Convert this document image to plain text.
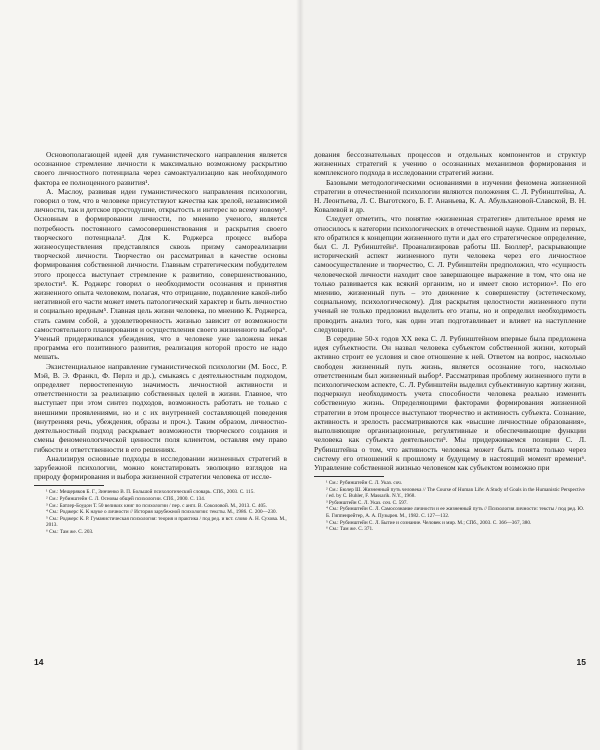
Основополагающей идеей для гуманистического направления является осознанное стремление личности к максимально возможному раскрытию своего личностного потенциала через самоактуализацию как необходимого фактора ее полноценного развития¹.

А. Маслоу, развивая идеи гуманистического направления психологии, говорил о том, что в человеке присутствуют качества как зрелой, независимой личности, так и детское простодушие, открытость и интерес ко всему новому². Основным в формировании личности, по мнению ученого, является потребность постоянного самосовершенствования и раскрытия своего творческого потенциала³. Для К. Роджерса процесс выбора жизнеосуществления представлялся сквозь призму самореализации творческой личности. Творчество он рассматривал в качестве основы формирования собственной личности. Главным стратегическим побудителем этого процесса выступает стремление к развитию, совершенствованию, зрелости⁴. К. Роджерс говорил о необходимости осознания и принятия жизненного опыта человеком, полагая, что отрицание, подавление какой-либо негативной его части может иметь патологический характер и быть личностно и социально вредным⁵. Главная цель жизни человека, по мнению К. Роджерса, стать самим собой, а удовлетворенность жизнью зависит от возможности самостоятельного планирования и осуществления своего жизненного выбора⁶. Ученый придерживался убеждения, что в человеке уже заложена некая программа его позитивного развития, реализация которой просто не надо мешать.

Экзистенциальное направление гуманистической психологии (М. Босс, Р. Мэй, В. Э. Франкл, Ф. Перлз и др.), смыкаясь с деятельностным подходом, определяет первостепенную значимость личностной активности и ответственности за реализацию собственных целей в жизни. Главное, что выступает при этом синтез подходов, возможность работать не только с внешними проявлениями, но и с их внутренней составляющей поведения (внутренняя речь, убеждения, образы и проч.). Таким образом, личностно-деятельностный подход раскрывает возможности творческого создания и смены феноменологической ценности поля клиентом, оставляя ему право гибкости и ответственности в его решениях.

Анализируя основные подходы в исследовании жизненных стратегий в зарубежной психологии, можно констатировать эволюцию взглядов на природу формирования и выбора жизненной стратегии человека от иссле-

¹ См.: Мещеряков Б. Г., Зинченко В. П. Большой психологический словарь. СПб., 2003. С. 115.
² См.: Рубинштейн С. Л. Основы общей психологии. СПб., 2000. С. 134.
³ См.: Батлер-Боудон Т. 50 великих книг по психологии / пер. с англ. В. Соколовой. М., 2013. С. 405.
⁴ См.: Роджерс К. К науке о личности // История зарубежной психологии: тексты. М., 1986. С. 200—230.
⁵ См.: Роджерс К. Р. Гуманистическая психология: теория и практика / под ред. и вст. слово А. Н. Сухова. М., 2013.
⁶ См.: Там же. С. 203.
14

дования бессознательных процессов и отдельных компонентов и структур жизненных стратегий к учению о осознанных механизмов формирования и комплексного подхода в исследовании стратегий жизни.

Базовыми методологическими основаниями в изучении феномена жизненной стратегии в отечественной психологии являются положения С. Л. Рубинштейна, А. Н. Леонтьева, Л. С. Выготского, Б. Г. Ананьева, К. А. Абульхановой-Славской, В. Н. Ковалевой и др.

Следует отметить, что понятие «жизненная стратегия» длительное время не относилось к категории психологических в отечественной науке. Одним из первых, кто обратился к концепции жизненного пути и дал его стратегическое определение, был С. Л. Рубинштейн¹. Проанализировав работы Ш. Бюллер², раскрывающие исторический аспект жизненного пути человека через его личностное самоосуществление и творчество, С. Л. Рубинштейн предположил, что «сущность человеческой личности находит свое завершающее выражение в том, что она не только развивается как всякий организм, но и имеет свою историю»³. По его мнению, жизненный путь – это движение к совершенству (эстетическому, социальному, психологическому). Для раскрытия целостности жизненного пути ученый не только предложил выделить его этапы, но и определил необходимость проводить анализ того, как один этап подготавливает и влияет на наступление следующего.

В середине 50-х годов XX века С. Л. Рубинштейном впервые была предложена идея субъектности. Он назвал человека субъектом собственной жизни, который активно строит ее условия и свое отношение к ней. Ответом на вопрос, насколько свободен жизненный путь жизнь, является осознание того, насколько ответственным был жизненный выбор⁴. Рассматривая проблему жизненного пути в психологическом аспекте, С. Л. Рубинштейн выделил субъективную картину жизни, подчеркнул необходимость учета способности человека реально изменить собственную жизнь. Определяющими факторами формирования жизненной стратегии в этом процессе выступают творчество и активность субъекта. Сознание, активность и зрелость рассматриваются как «высшие личностные образования», выполняющие организационные, регулятивные и обеспечивающие функции человека как субъекта деятельности⁵. Мы придерживаемся позиции С. Л. Рубинштейна о том, что активность человека может быть понята только через систему его отношений к прошлому и будущему в настоящий момент времени⁶. Управление собственной жизнью человеком как субъектом возможно при

¹ См.: Рубинштейн С. Л. Указ. соч.
² См.: Бюлер Ш. Жизненный путь человека // The Course of Human Life: A Study of Goals in the Humanistic Perspective / ed. by C. Buhler, F. Massarik. N.Y., 1968.
³ Рубинштейн С. Л. Указ. соч. С. 597.
⁴ См.: Рубинштейн С. Л. Самосознание личности и ее жизненный путь // Психология личности: тексты / под ред. Ю. Б. Гиппенрейтер, А. А. Пузырея. М., 1982. С. 127—132.
⁵ См.: Рубинштейн С. Л. Бытие и сознание. Человек и мир. М.; СПб., 2003. С. 366—367, 380.
⁶ См.: Там же. С. 371.
15
